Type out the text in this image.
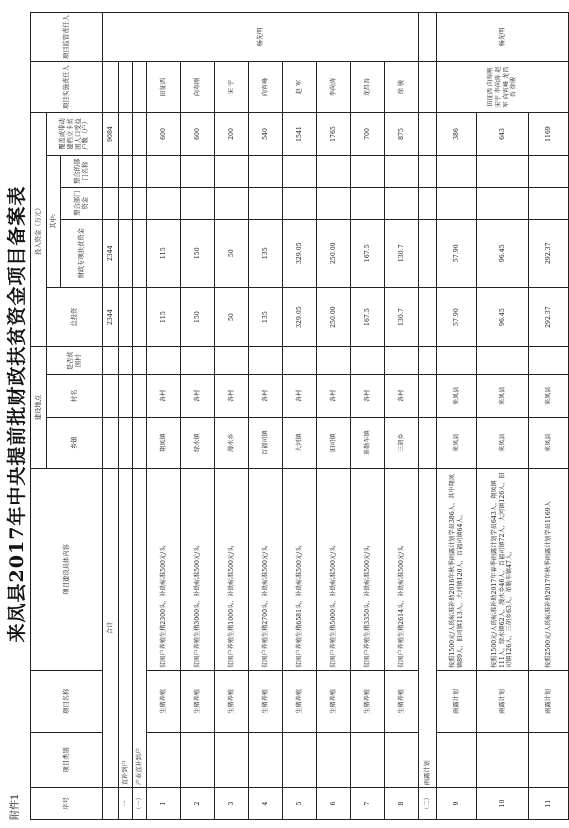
附件1
来凤县2017年中央提前批财政扶贫资金项目备案表
序号	项目类别	项目名称	项目建设具体内容	建设地点			投入资金（万元）					项目实施责任人	项目监管责任人
				乡镇	村名	是否贫困村	总投资	其中:			覆盖或带动建档立卡贫困人口受益户数（户）		
								财政专项扶贫资金	整合部门资金	整合的部门名称			
	合计						2344	2344			9084		杨先明
一	直补到户												
（一）	产业直补到户												
1		生猪养殖	贫困户养殖生猪2300头，补助标准500元/头	翔凤镇	各村		115	115			600	田征西	
2		生猪养殖	贫困户养殖生猪3000头，补助标准500元/头	绿水镇	各村		150	150			600	向寿刚	
3		生猪养殖	贫困户养殖生猪1000头，补助标准500元/头	漫水乡	各村		50	50			200	宋 宇	
4		生猪养殖	贫困户养殖生猪2700头，补助标准500元/头	百福司镇	各村		135	135			540	向宵峰	
5		生猪养殖	贫困户养殖生猪6581头，补助标准500元/头	大河镇	各村		329.05	329.05			1541	赵 军	
6		生猪养殖	贫困户养殖生猪5000头，补助标准500元/头	旧司镇	各村		250.00	250.00			1765	李尚涛	
7		生猪养殖	贫困户养殖生猪3350头，补助标准500元/头	革勒车镇	各村		167.5	167.5			700	龙昌吾	
8		生猪养殖	贫困户养殖生猪2614头，补助标准500元/头	三胡乡	各村		130.7	130.7			875	徐 骏	
（二）	雨露计划												
9		雨露计划	按照1500元/人的标准补助2016年秋季雨露计划学员386人，其中翔凤镇89人，旧司镇113人，大河镇120人，百福司镇64人。	来凤县	来凤县		57.90	57.90			386	田征西 向寿刚 宋宇 李尚涛 赵军 向宵峰 龙昌吾 徐骏	杨先明
10		雨露计划	按照1500元/人的标准补助2017年春季雨露计划学员643人，翔凤镇111人，绿水镇62人，漫水乡46人，百福司镇72人，大河镇126人，旧司镇126人，三胡乡63人，革勒车镇47人。	来凤县	来凤县		96.45	96.45			643		
11		雨露计划	按照2500元/人的标准补助2017年秋季雨露计划学员1169人	来凤县	来凤县		292.37	292.37			1169		
